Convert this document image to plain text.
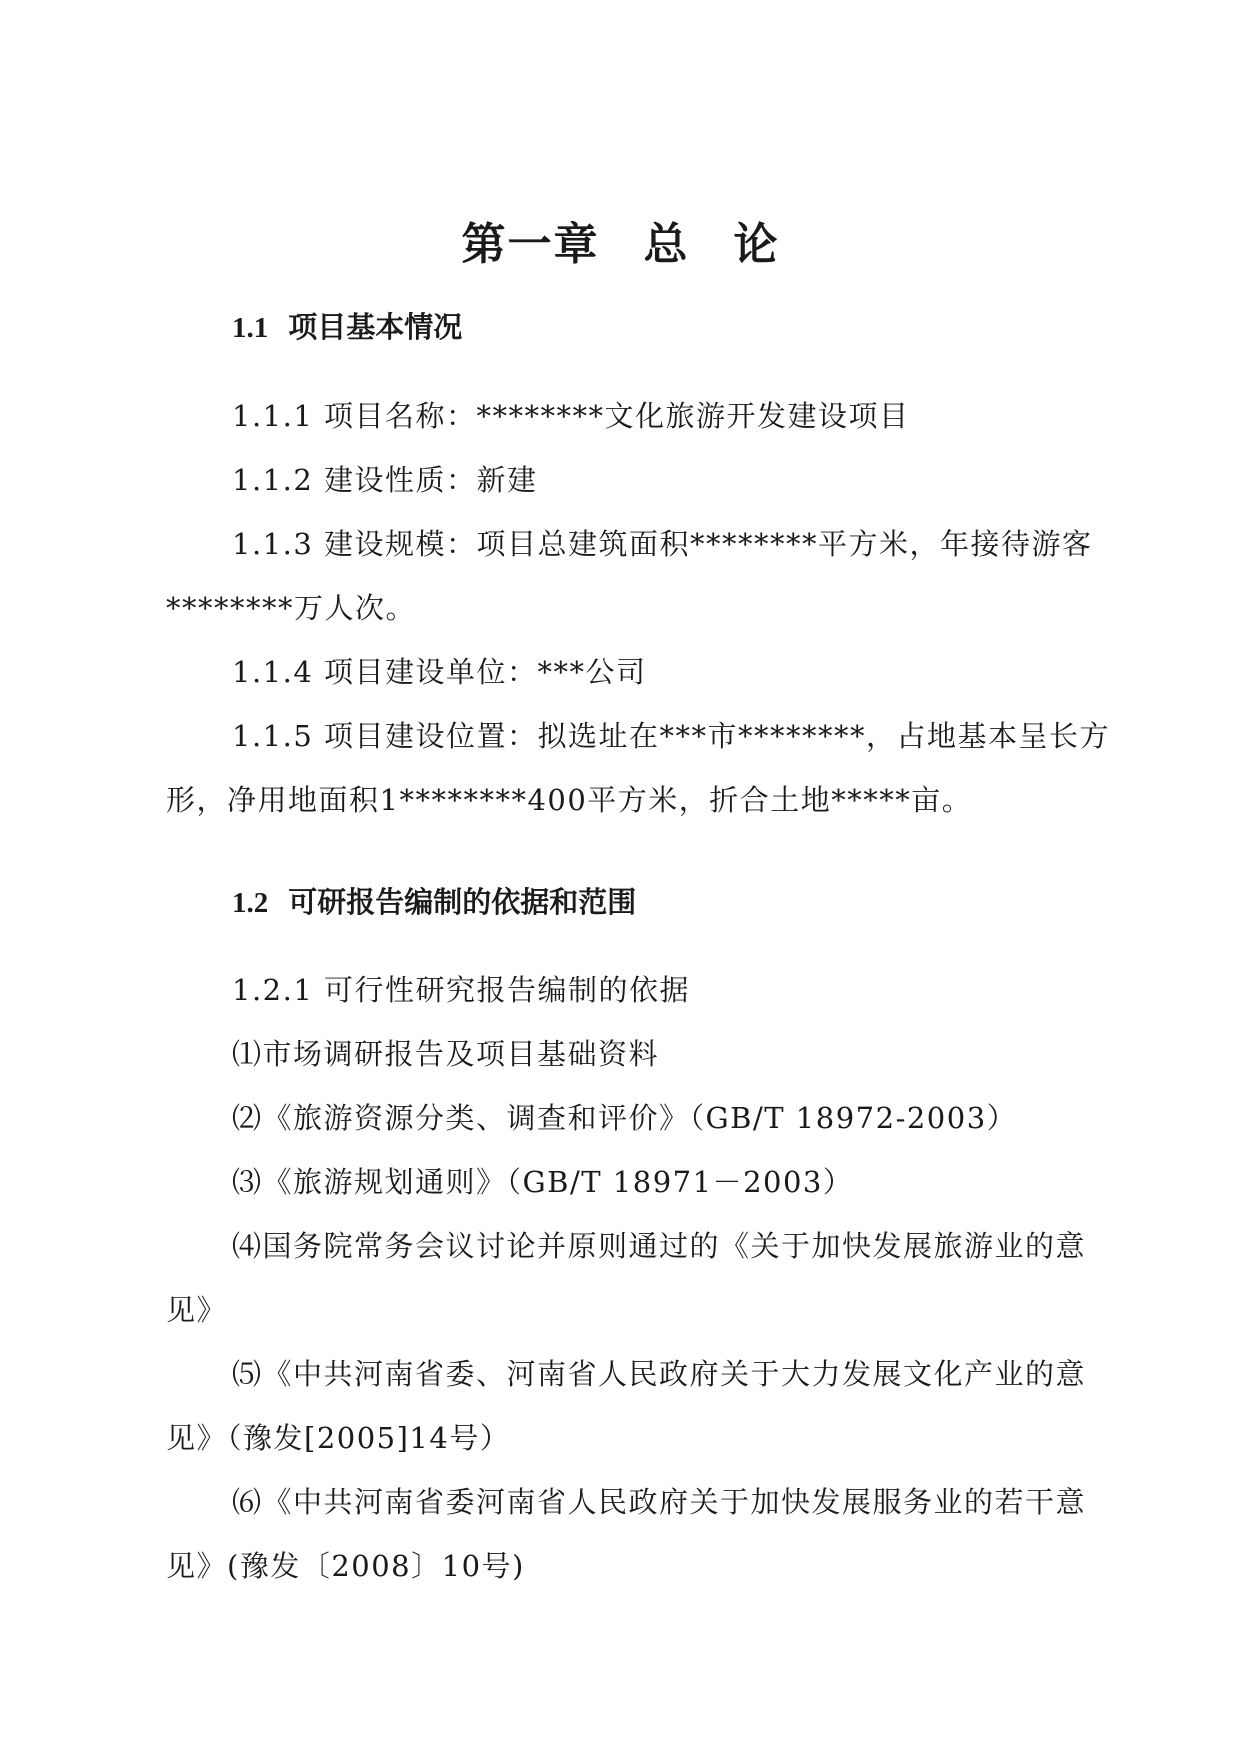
第一章 总 论
1.1 项目基本情况

1.1.1 项目名称：********文化旅游开发建设项目

1.1.2 建设性质：新建

1.1.3 建设规模：项目总建筑面积********平方米，年接待游客********万人次。

1.1.4 项目建设单位：***公司

1.1.5 项目建设位置：拟选址在***市********，占地基本呈长方形，净用地面积1********400平方米，折合土地*****亩。

1.2 可研报告编制的依据和范围

1.2.1 可行性研究报告编制的依据

⑴市场调研报告及项目基础资料

⑵《旅游资源分类、调查和评价》（GB/T 18972-2003）

⑶《旅游规划通则》（GB/T 18971－2003）

⑷国务院常务会议讨论并原则通过的《关于加快发展旅游业的意见》

⑸《中共河南省委、河南省人民政府关于大力发展文化产业的意见》（豫发[2005]14号）

⑹《中共河南省委河南省人民政府关于加快发展服务业的若干意见》(豫发〔2008〕10号)
